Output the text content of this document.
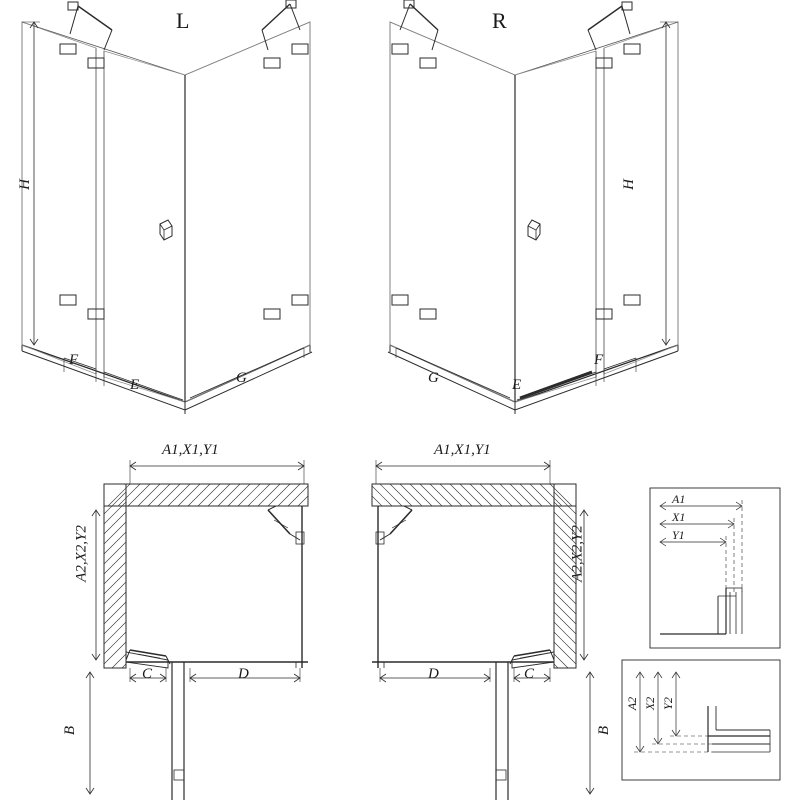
L	R
H	H
F
E	G
F
E
G
A1,X1,Y1	A1,X1,Y1
A2,X2,Y2	A2,X2,Y2
B	B
C	D	C
D
A1
X1
Y1
A2 X2 Y2
